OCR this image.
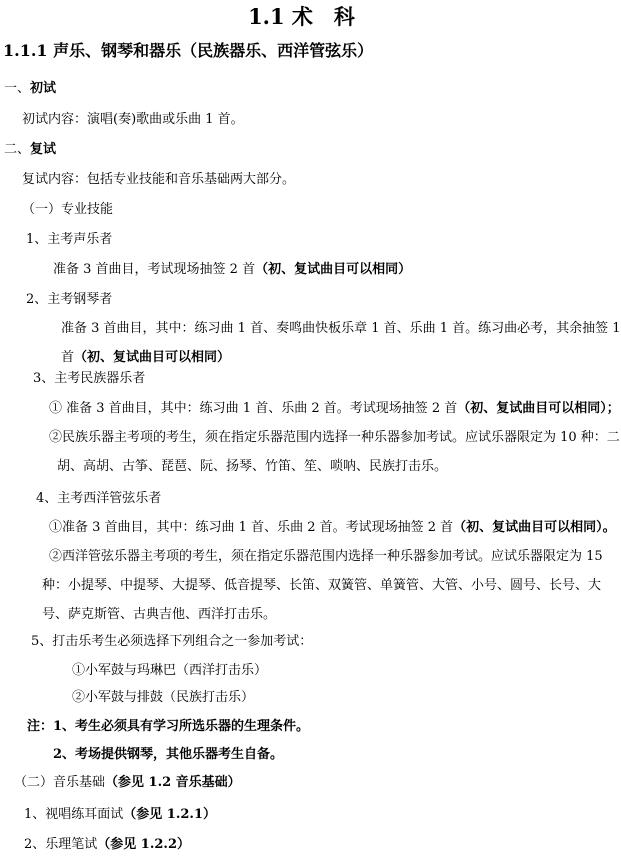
1.1 术　科
1.1.1 声乐、钢琴和器乐（民族器乐、西洋管弦乐）
一、初试
初试内容：演唱(奏)歌曲或乐曲 1 首。
二、复试
复试内容：包括专业技能和音乐基础两大部分。
（一）专业技能
1、主考声乐者
准备 3 首曲目，考试现场抽签 2 首（初、复试曲目可以相同）
2、主考钢琴者
准备 3 首曲目，其中：练习曲 1 首、奏鸣曲快板乐章 1 首、乐曲 1 首。练习曲必考，其余抽签 1
首（初、复试曲目可以相同）
3、主考民族器乐者
① 准备 3 首曲目，其中：练习曲 1 首、乐曲 2 首。考试现场抽签 2 首（初、复试曲目可以相同）；
②民族乐器主考项的考生，须在指定乐器范围内选择一种乐器参加考试。应试乐器限定为 10 种：二
胡、高胡、古筝、琵琶、阮、扬琴、竹笛、笙、唢呐、民族打击乐。
4、主考西洋管弦乐者
①准备 3 首曲目，其中：练习曲 1 首、乐曲 2 首。考试现场抽签 2 首（初、复试曲目可以相同）。
②西洋管弦乐器主考项的考生，须在指定乐器范围内选择一种乐器参加考试。应试乐器限定为 15
种：小提琴、中提琴、大提琴、低音提琴、长笛、双簧管、单簧管、大管、小号、圆号、长号、大
号、萨克斯管、古典吉他、西洋打击乐。
5、打击乐考生必须选择下列组合之一参加考试：
①小军鼓与玛琳巴（西洋打击乐）
②小军鼓与排鼓（民族打击乐）
注：1、考生必须具有学习所选乐器的生理条件。
2、考场提供钢琴，其他乐器考生自备。
（二）音乐基础（参见 1.2 音乐基础）
1、视唱练耳面试（参见 1.2.1）
2、乐理笔试（参见 1.2.2）
